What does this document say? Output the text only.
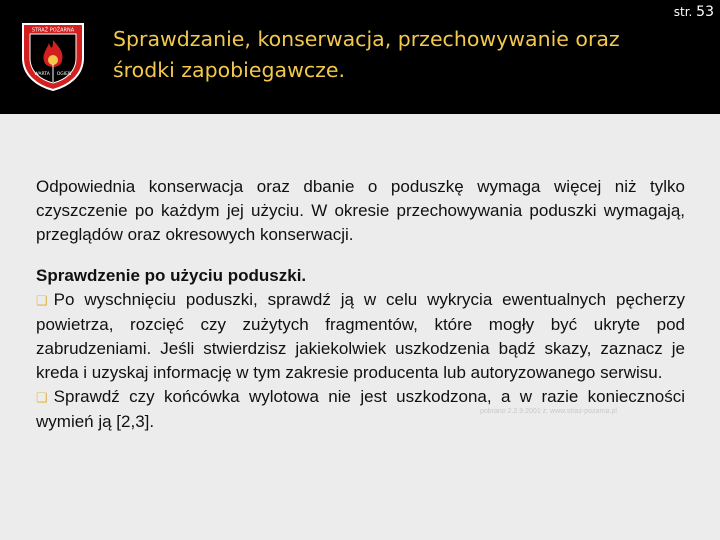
str. 53
STRAŻ POŻARNA
WARTA OGIEŃ
Sprawdzanie, konserwacja, przechowywanie oraz
środki zapobiegawcze.
Odpowiednia konserwacja oraz dbanie o poduszkę wymaga więcej niż tylko czyszczenie po każdym jej użyciu. W okresie przechowywania poduszki wymagają, przeglądów oraz okresowych konserwacji.
Sprawdzenie po użyciu poduszki.
❏ Po wyschnięciu poduszki, sprawdź ją w celu wykrycia ewentualnych pęcherzy powietrza, rozcięć czy zużytych fragmentów, które mogły być ukryte pod zabrudzeniami. Jeśli stwierdzisz jakiekolwiek uszkodzenia bądź skazy, zaznacz je kreda i uzyskaj informację w tym zakresie producenta lub autoryzowanego serwisu.
❏ Sprawdź czy końcówka wylotowa nie jest uszkodzona, a w razie konieczności wymień ją [2,3].
pobrano 2.2.9.2001 z: www.straz-pozarna.pl
